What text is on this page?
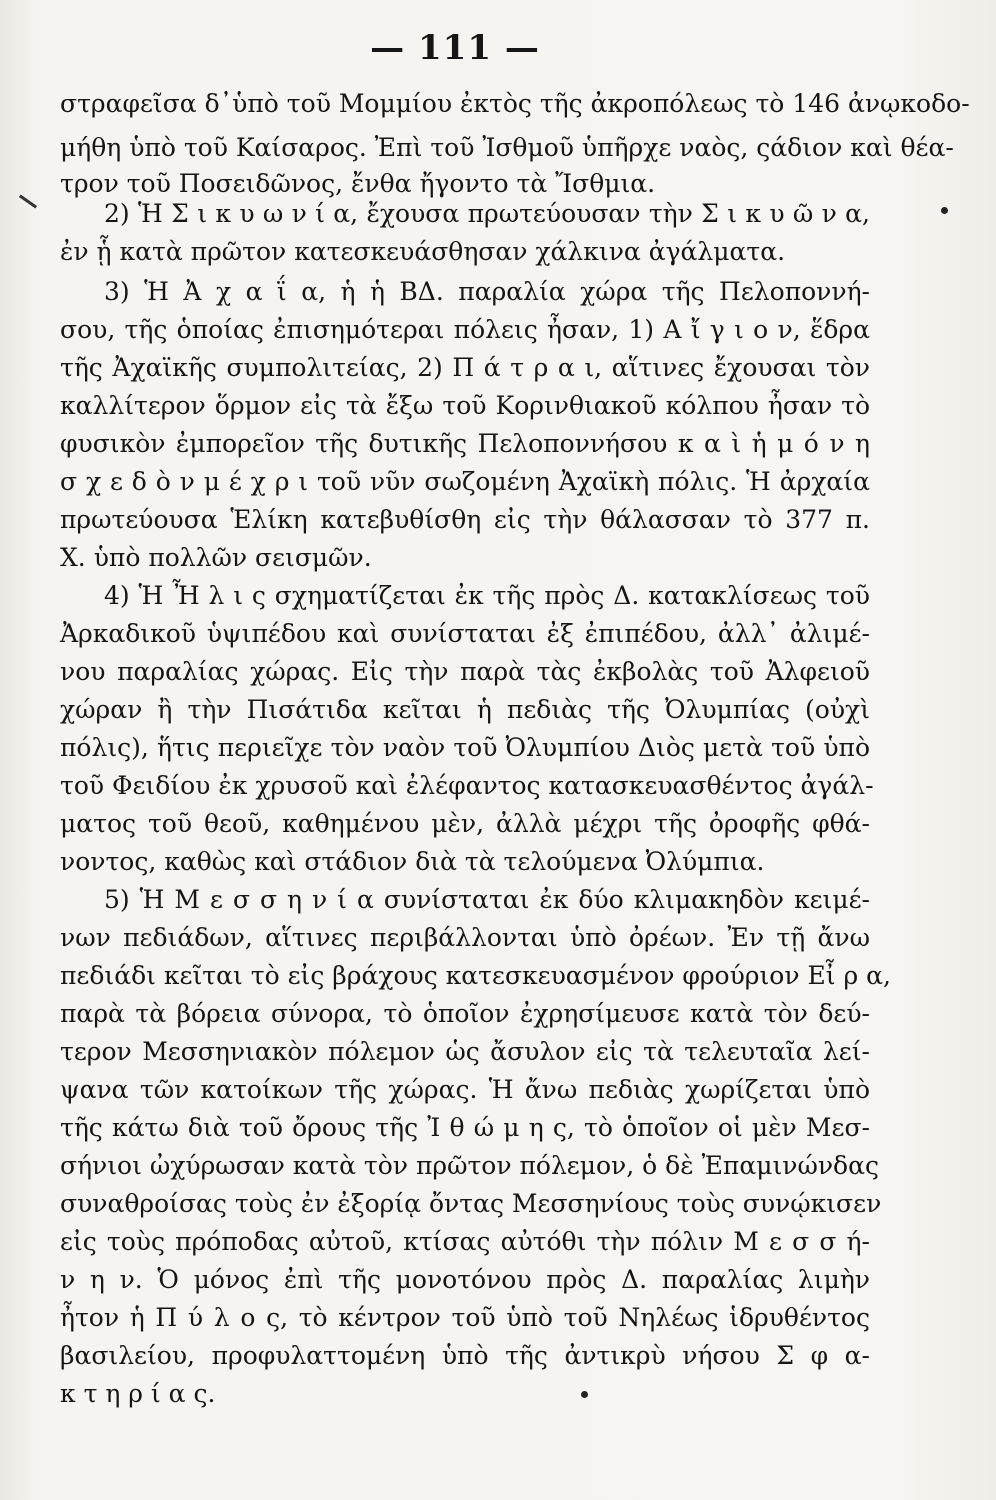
— 111 —
στραφεῖσα δ᾽ὑπὸ τοῦ Μομμίου ἐκτὸς τῆς ἀκροπόλεως τὸ 146 ἀνῳκοδο-
μήθη ὑπὸ τοῦ Καίσαρος. Ἐπὶ τοῦ Ἰσθμοῦ ὑπῆρχε ναὸς, ςάδιον καὶ θέα-
τρον τοῦ Ποσειδῶνος, ἔνθα ἤγοντο τὰ Ἴσθμια.
2) Ἡ Σ ι κ υ ω ν ί α, ἔχουσα πρωτεύουσαν τὴν Σ ι κ υ ῶ ν α,
ἐν ᾗ κατὰ πρῶτον κατεσκευάσθησαν χάλκινα ἀγάλματα.
3) Ἡ Ἀ χ α ΐ α, ἡ ἡ ΒΔ. παραλία χώρα τῆς Πελοποννή-
σου, τῆς ὁποίας ἐπισημότεραι πόλεις ἦσαν, 1) Α ἴ γ ι ο ν, ἕδρα
τῆς Ἀχαϊκῆς συμπολιτείας, 2) Π ά τ ρ α ι, αἵτινες ἔχουσαι τὸν
καλλίτερον ὅρμον εἰς τὰ ἔξω τοῦ Κορινθιακοῦ κόλπου ἦσαν τὸ
φυσικὸν ἐμπορεῖον τῆς δυτικῆς Πελοποννήσου κ α ὶ ἡ μ ό ν η
σ χ ε δ ὸ ν μ έ χ ρ ι τοῦ νῦν σωζομένη Ἀχαϊκὴ πόλις. Ἡ ἀρχαία
πρωτεύουσα Ἑλίκη κατεβυθίσθη εἰς τὴν θάλασσαν τὸ 377 π.
Χ. ὑπὸ πολλῶν σεισμῶν.
4) Ἡ Ἦ λ ι ς σχηματίζεται ἐκ τῆς πρὸς Δ. κατακλίσεως τοῦ
Ἀρκαδικοῦ ὑψιπέδου καὶ συνίσταται ἐξ ἐπιπέδου, ἀλλ᾽ ἀλιμέ-
νου παραλίας χώρας. Εἰς τὴν παρὰ τὰς ἐκβολὰς τοῦ Ἀλφειοῦ
χώραν ἢ τὴν Πισάτιδα κεῖται ἡ πεδιὰς τῆς Ὀλυμπίας (οὐχὶ
πόλις), ἥτις περιεῖχε τὸν ναὸν τοῦ Ὀλυμπίου Διὸς μετὰ τοῦ ὑπὸ
τοῦ Φειδίου ἐκ χρυσοῦ καὶ ἐλέφαντος κατασκευασθέντος ἀγάλ-
ματος τοῦ θεοῦ, καθημένου μὲν, ἀλλὰ μέχρι τῆς ὀροφῆς φθά-
νοντος, καθὼς καὶ στάδιον διὰ τὰ τελούμενα Ὀλύμπια.
5) Ἡ Μ ε σ σ η ν ί α συνίσταται ἐκ δύο κλιμακηδὸν κειμέ-
νων πεδιάδων, αἵτινες περιβάλλονται ὑπὸ ὀρέων. Ἐν τῇ ἄνω
πεδιάδι κεῖται τὸ εἰς βράχους κατεσκευασμένον φρούριον Εἶ ρ α,
παρὰ τὰ βόρεια σύνορα, τὸ ὁποῖον ἐχρησίμευσε κατὰ τὸν δεύ-
τερον Μεσσηνιακὸν πόλεμον ὡς ἄσυλον εἰς τὰ τελευταῖα λεί-
ψανα τῶν κατοίκων τῆς χώρας. Ἡ ἄνω πεδιὰς χωρίζεται ὑπὸ
τῆς κάτω διὰ τοῦ ὄρους τῆς Ἰ θ ώ μ η ς, τὸ ὁποῖον οἱ μὲν Μεσ-
σήνιοι ὠχύρωσαν κατὰ τὸν πρῶτον πόλεμον, ὁ δὲ Ἐπαμινώνδας
συναθροίσας τοὺς ἐν ἐξορίᾳ ὄντας Μεσσηνίους τοὺς συνῴκισεν
εἰς τοὺς πρόποδας αὐτοῦ, κτίσας αὐτόθι τὴν πόλιν Μ ε σ σ ή-
ν η ν. Ὁ μόνος ἐπὶ τῆς μονοτόνου πρὸς Δ. παραλίας λιμὴν
ἦτον ἡ Π ύ λ ο ς, τὸ κέντρον τοῦ ὑπὸ τοῦ Νηλέως ἱδρυθέντος
βασιλείου, προφυλαττομένη ὑπὸ τῆς ἀντικρὺ νήσου Σ φ α-
κ τ η ρ ί α ς.
